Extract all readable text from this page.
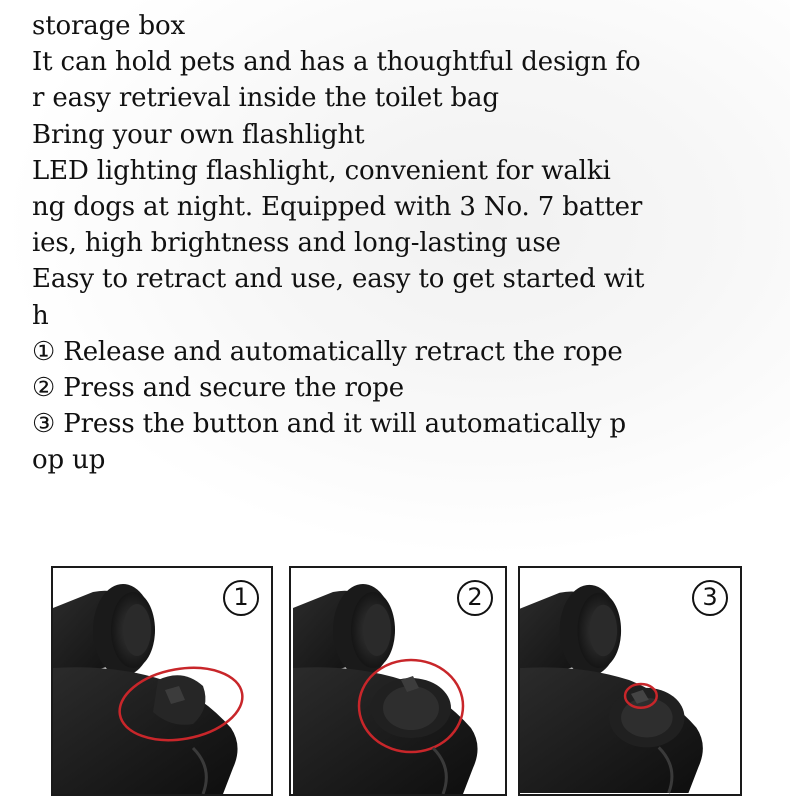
storage box
It can hold pets and has a thoughtful design fo
r easy retrieval inside the toilet bag
Bring your own flashlight
LED lighting flashlight, convenient for walki
ng dogs at night. Equipped with 3 No. 7 batter
ies, high brightness and long-lasting use
Easy to retract and use, easy to get started wit
h
① Release and automatically retract the rope
② Press and secure the rope
③ Press the button and it will automatically p
op up
1	2	3
